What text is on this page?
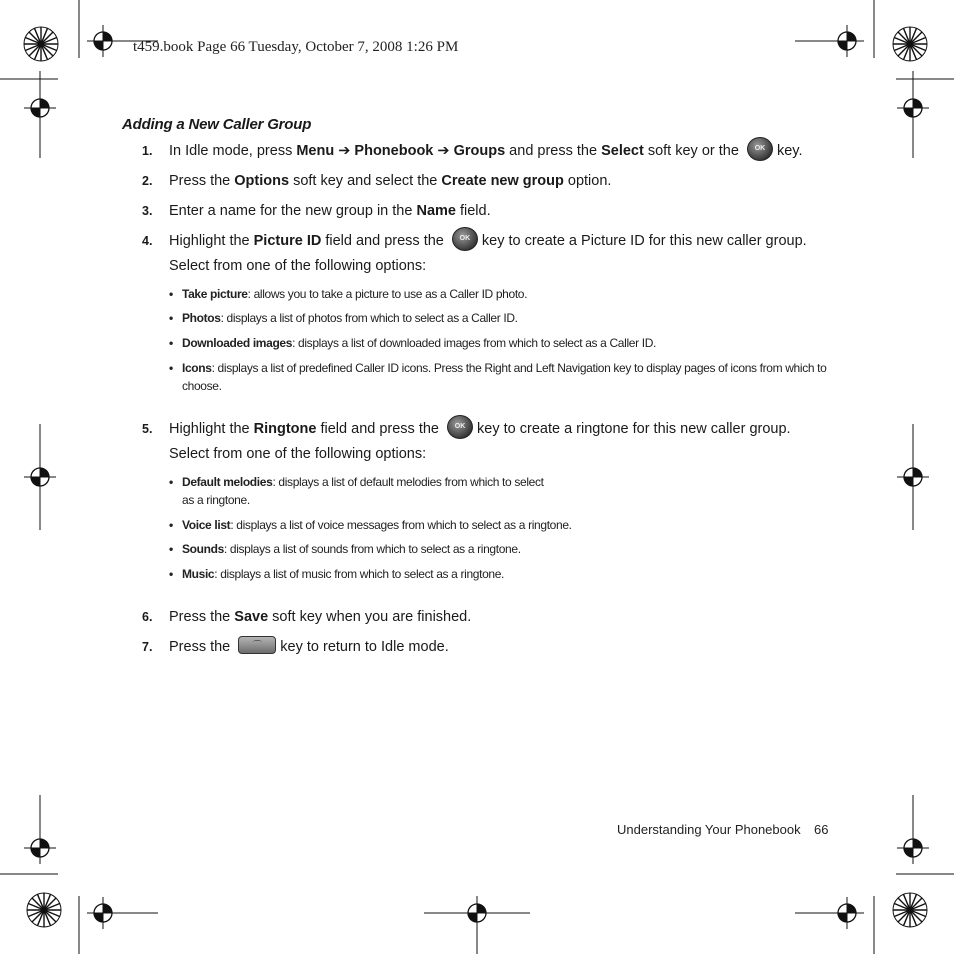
t459.book Page 66 Tuesday, October 7, 2008 1:26 PM
Adding a New Caller Group
1. In Idle mode, press Menu ➔ Phonebook ➔ Groups and press the Select soft key or the OK key.
2. Press the Options soft key and select the Create new group option.
3. Enter a name for the new group in the Name field.
4. Highlight the Picture ID field and press the OK key to create a Picture ID for this new caller group. Select from one of the following options:
• Take picture: allows you to take a picture to use as a Caller ID photo.
• Photos: displays a list of photos from which to select as a Caller ID.
• Downloaded images: displays a list of downloaded images from which to select as a Caller ID.
• Icons: displays a list of predefined Caller ID icons. Press the Right and Left Navigation key to display pages of icons from which to choose.
5. Highlight the Ringtone field and press the OK key to create a ringtone for this new caller group. Select from one of the following options:
• Default melodies: displays a list of default melodies from which to select
as a ringtone.
• Voice list: displays a list of voice messages from which to select as a ringtone.
• Sounds: displays a list of sounds from which to select as a ringtone.
• Music: displays a list of music from which to select as a ringtone.
6. Press the Save soft key when you are finished.
7. Press the ⌒ key to return to Idle mode.
Understanding Your Phonebook 66
